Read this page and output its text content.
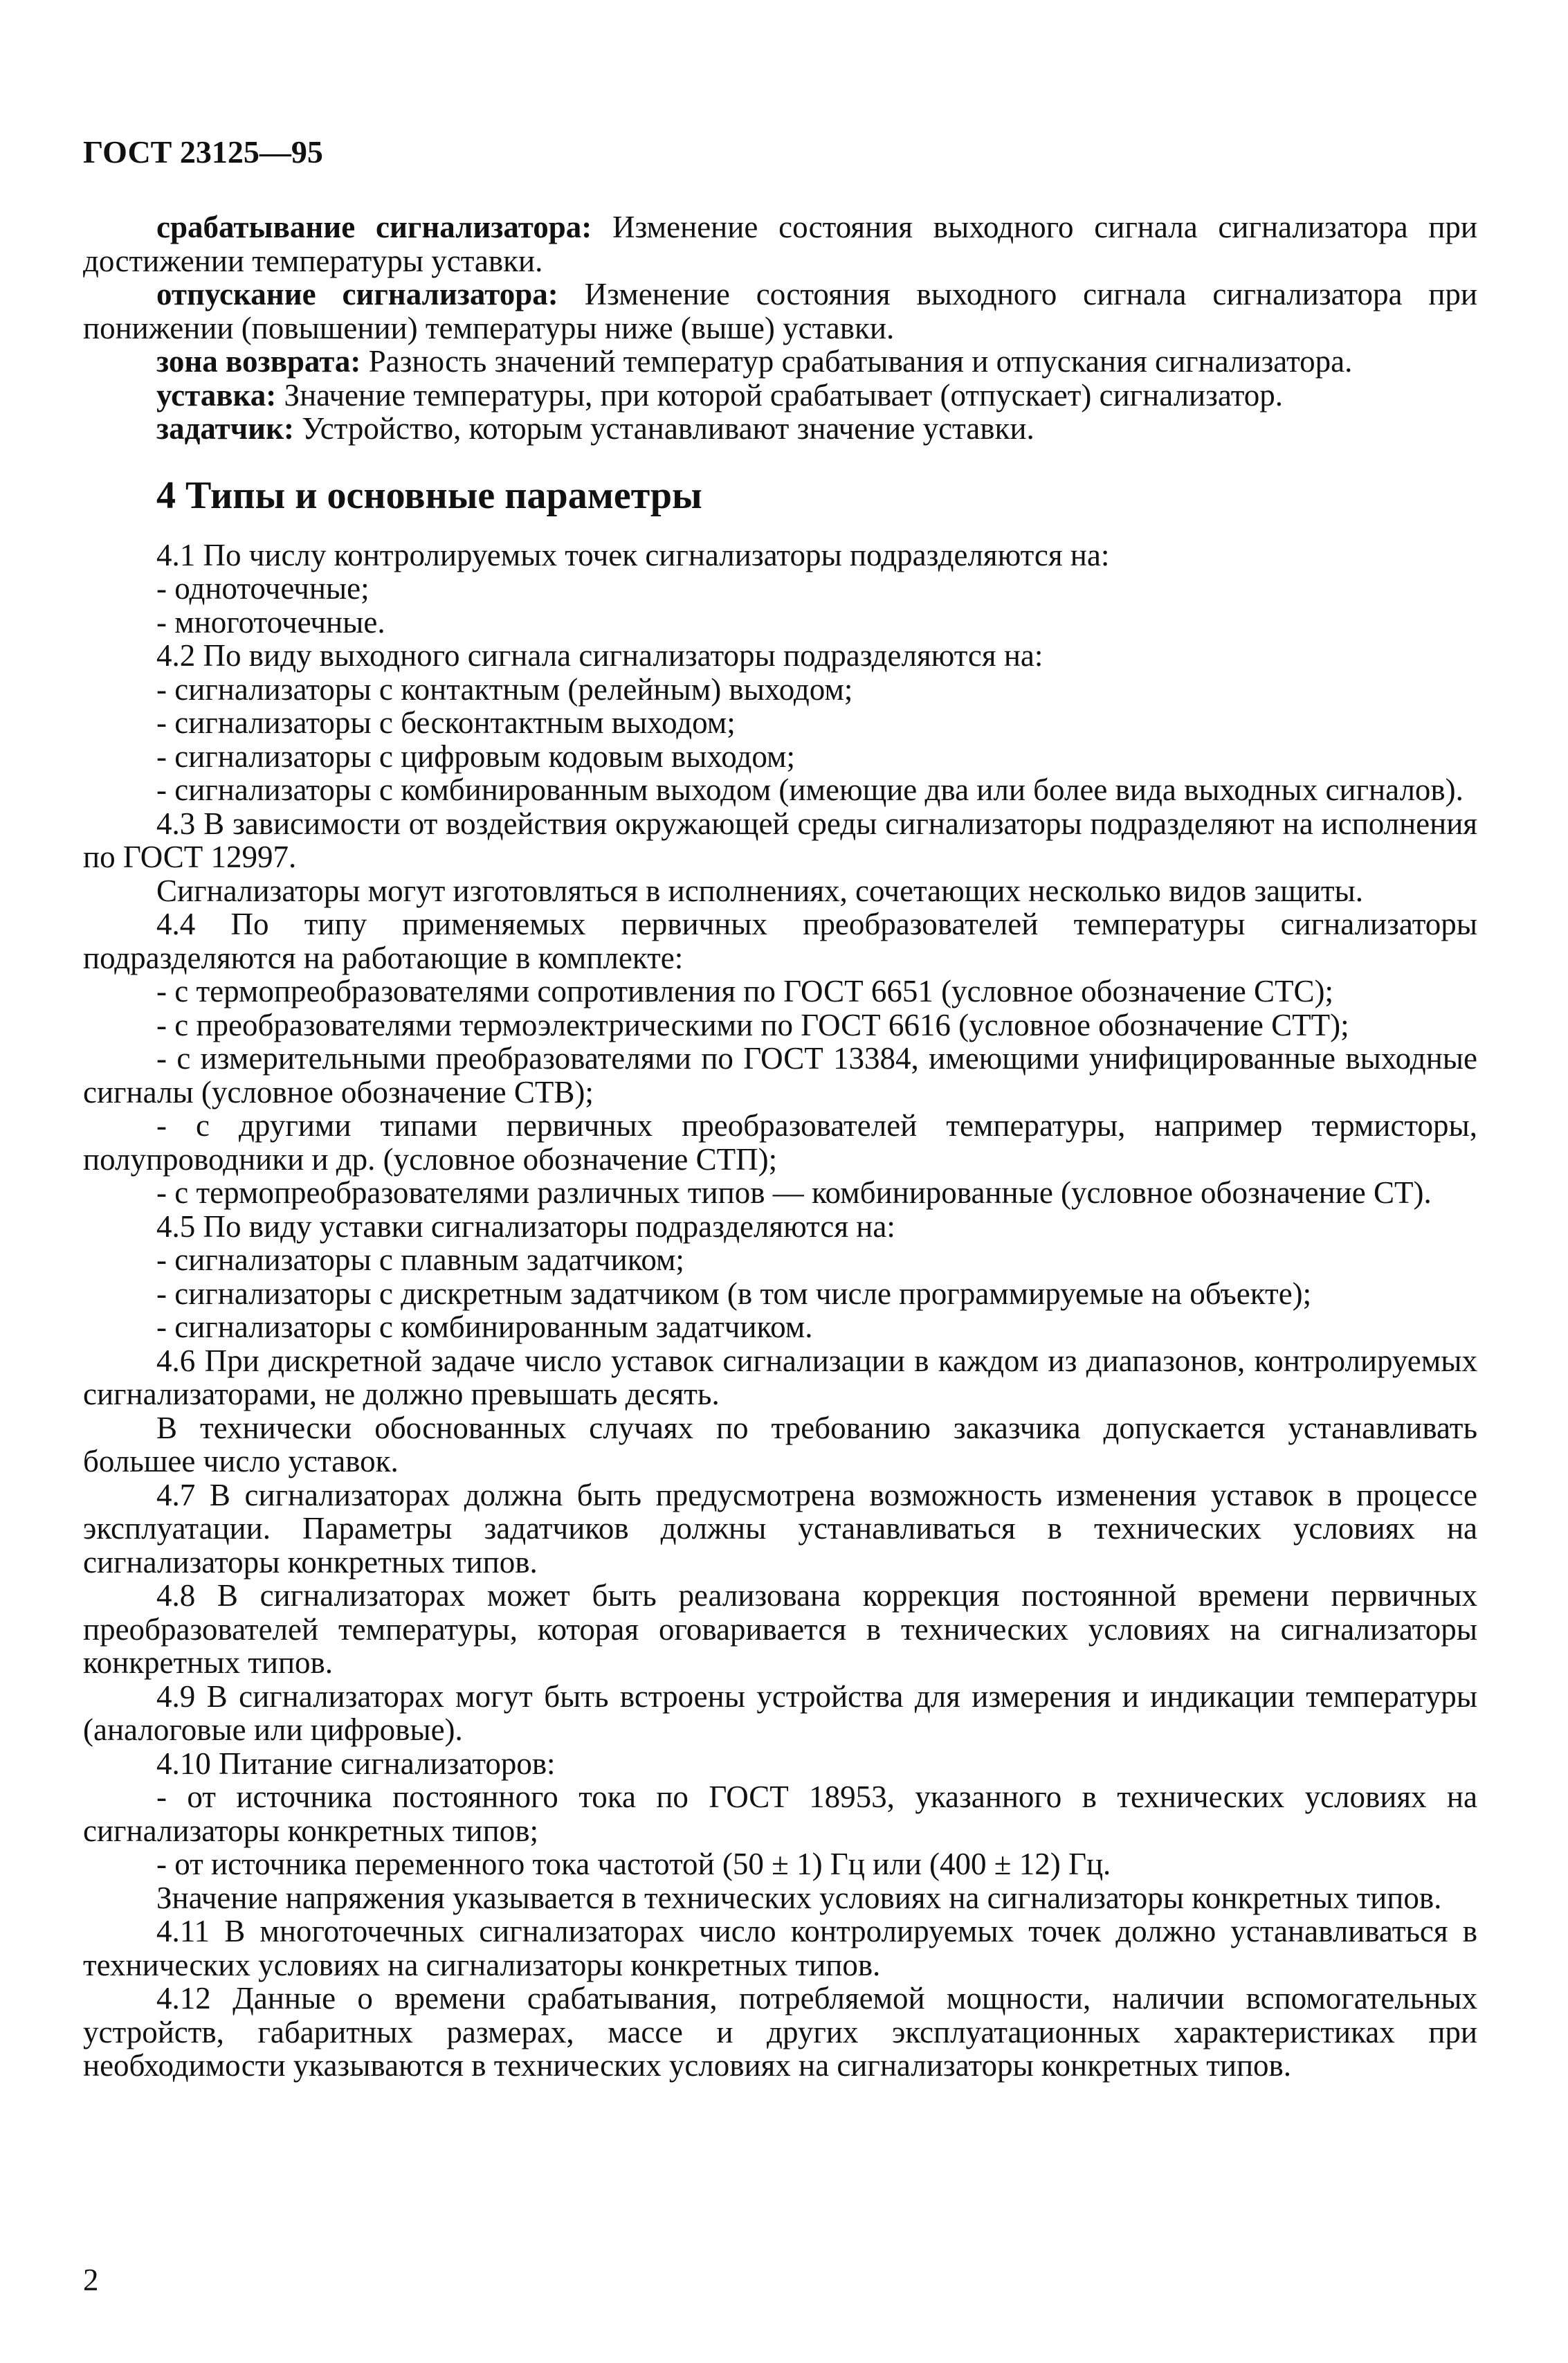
ГОСТ 23125—95

срабатывание сигнализатора: Изменение состояния выходного сигнала сигнализатора при достижении температуры уставки.

отпускание сигнализатора: Изменение состояния выходного сигнала сигнализатора при понижении (повышении) температуры ниже (выше) уставки.

зона возврата: Разность значений температур срабатывания и отпускания сигнализатора.

уставка: Значение температуры, при которой срабатывает (отпускает) сигнализатор.

задатчик: Устройство, которым устанавливают значение уставки.

4 Типы и основные параметры

4.1 По числу контролируемых точек сигнализаторы подразделяются на:

- одноточечные;

- многоточечные.

4.2 По виду выходного сигнала сигнализаторы подразделяются на:

- сигнализаторы с контактным (релейным) выходом;

- сигнализаторы с бесконтактным выходом;

- сигнализаторы с цифровым кодовым выходом;

- сигнализаторы с комбинированным выходом (имеющие два или более вида выходных сигналов).

4.3 В зависимости от воздействия окружающей среды сигнализаторы подразделяют на исполнения по ГОСТ 12997.

Сигнализаторы могут изготовляться в исполнениях, сочетающих несколько видов защиты.

4.4 По типу применяемых первичных преобразователей температуры сигнализаторы подразделяются на работающие в комплекте:

- с термопреобразователями сопротивления по ГОСТ 6651 (условное обозначение СТС);

- с преобразователями термоэлектрическими по ГОСТ 6616 (условное обозначение СТТ);

- с измерительными преобразователями по ГОСТ 13384, имеющими унифицированные выходные сигналы (условное обозначение СТВ);

- с другими типами первичных преобразователей температуры, например термисторы, полупроводники и др. (условное обозначение СТП);

- с термопреобразователями различных типов — комбинированные (условное обозначение СТ).

4.5 По виду уставки сигнализаторы подразделяются на:

- сигнализаторы с плавным задатчиком;

- сигнализаторы с дискретным задатчиком (в том числе программируемые на объекте);

- сигнализаторы с комбинированным задатчиком.

4.6 При дискретной задаче число уставок сигнализации в каждом из диапазонов, контролируемых сигнализаторами, не должно превышать десять.

В технически обоснованных случаях по требованию заказчика допускается устанавливать большее число уставок.

4.7 В сигнализаторах должна быть предусмотрена возможность изменения уставок в процессе эксплуатации. Параметры задатчиков должны устанавливаться в технических условиях на сигнализаторы конкретных типов.

4.8 В сигнализаторах может быть реализована коррекция постоянной времени первичных преобразователей температуры, которая оговаривается в технических условиях на сигнализаторы конкретных типов.

4.9 В сигнализаторах могут быть встроены устройства для измерения и индикации температуры (аналоговые или цифровые).

4.10 Питание сигнализаторов:

- от источника постоянного тока по ГОСТ 18953, указанного в технических условиях на сигнализаторы конкретных типов;

- от источника переменного тока частотой (50 ± 1) Гц или (400 ± 12) Гц.

Значение напряжения указывается в технических условиях на сигнализаторы конкретных типов.

4.11 В многоточечных сигнализаторах число контролируемых точек должно устанавливаться в технических условиях на сигнализаторы конкретных типов.

4.12 Данные о времени срабатывания, потребляемой мощности, наличии вспомогательных устройств, габаритных размерах, массе и других эксплуатационных характеристиках при необходимости указываются в технических условиях на сигнализаторы конкретных типов.

2
